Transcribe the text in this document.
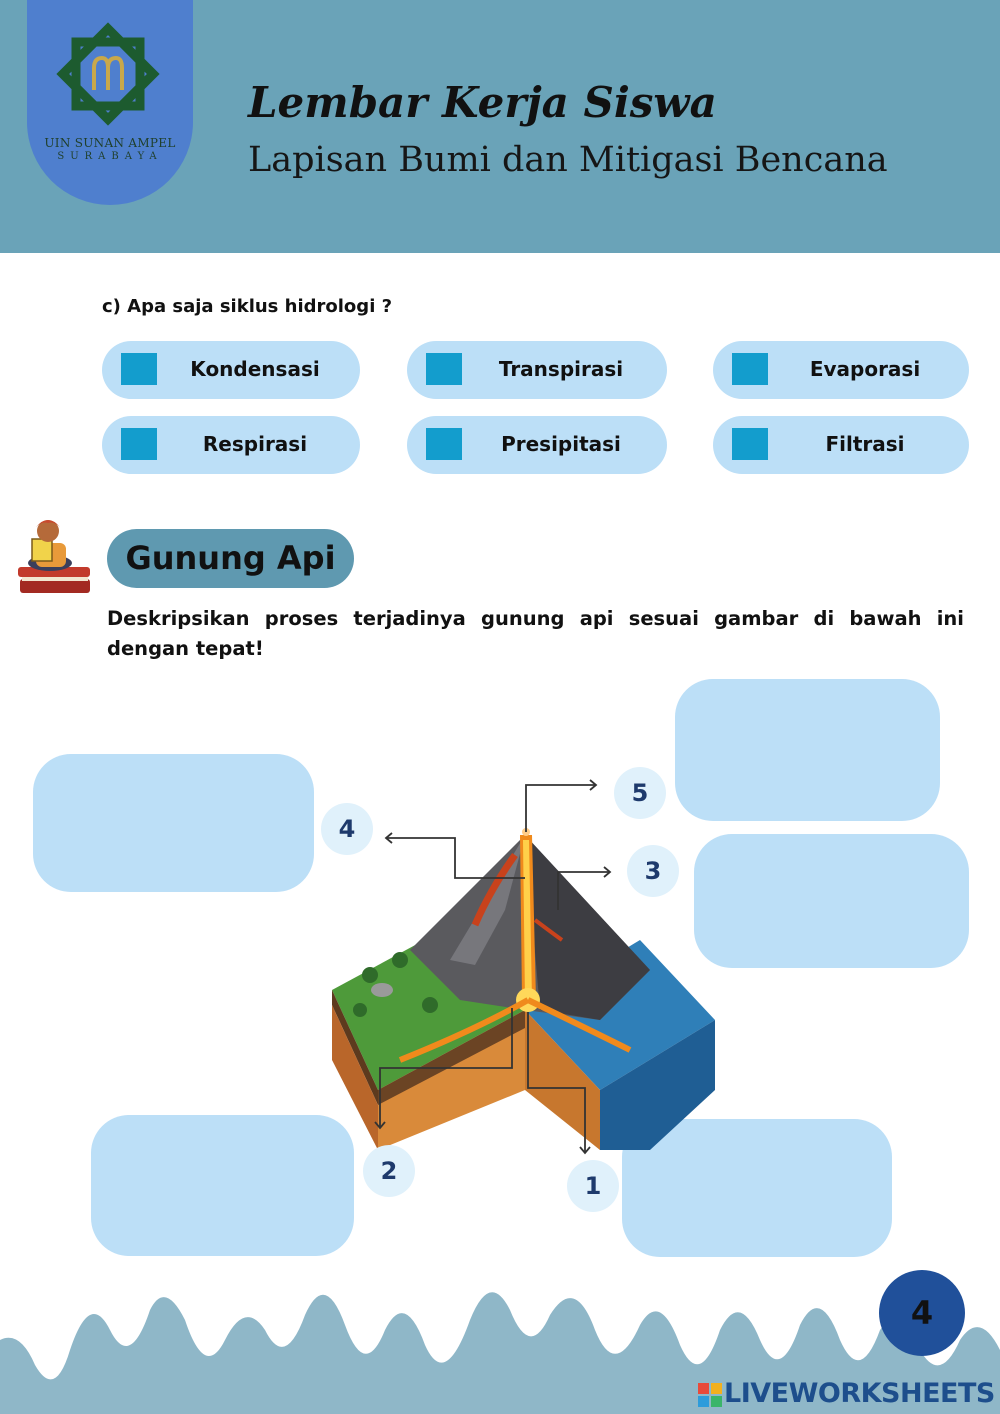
UIN SUNAN AMPEL
SURABAYA
Lembar Kerja Siswa
Lapisan Bumi dan Mitigasi Bencana
c) Apa saja siklus hidrologi ?
Kondensasi	Transpirasi	Evaporasi
Respirasi	Presipitasi	Filtrasi
Gunung Api
Deskripsikan proses terjadinya gunung api sesuai gambar di bawah ini dengan tepat!
5
4
3
2
1
4
LIVEWORKSHEETS
